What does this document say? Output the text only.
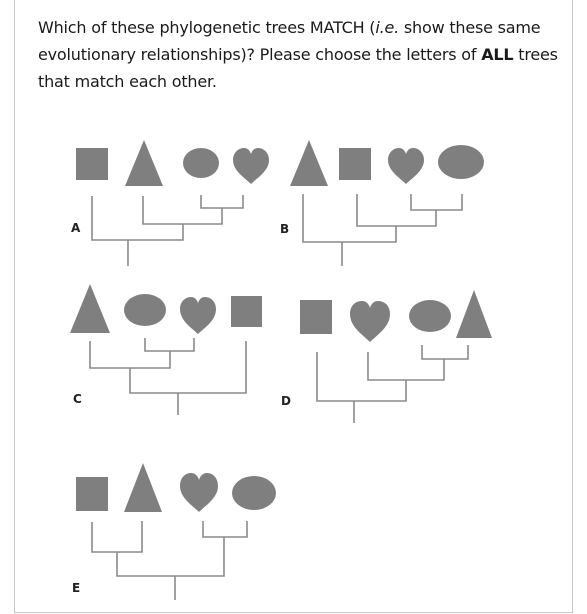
Which of these phylogenetic trees MATCH (i.e. show these same evolutionary relationships)? Please choose the letters of ALL trees that match each other.
A	B
C	D
E
